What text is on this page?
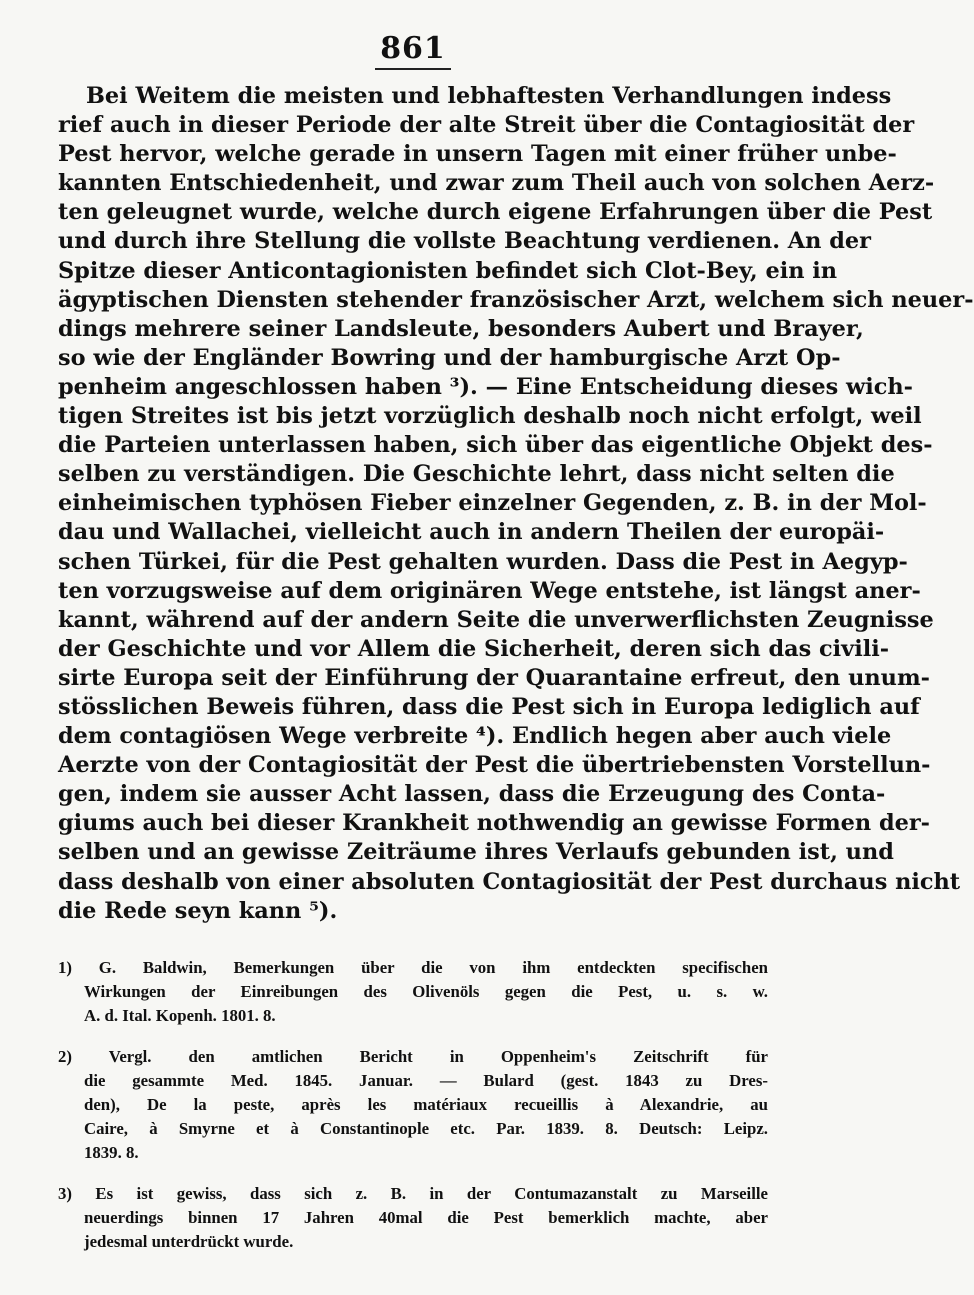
861
Bei Weitem die meisten und lebhaftesten Verhandlungen indess
rief auch in dieser Periode der alte Streit über die Contagiosität der
Pest hervor, welche gerade in unsern Tagen mit einer früher unbe-
kannten Entschiedenheit, und zwar zum Theil auch von solchen Aerz-
ten geleugnet wurde, welche durch eigene Erfahrungen über die Pest
und durch ihre Stellung die vollste Beachtung verdienen. An der
Spitze dieser Anticontagionisten befindet sich Clot-Bey, ein in
ägyptischen Diensten stehender französischer Arzt, welchem sich neuer-
dings mehrere seiner Landsleute, besonders Aubert und Brayer,
so wie der Engländer Bowring und der hamburgische Arzt Op-
penheim angeschlossen haben ³). — Eine Entscheidung dieses wich-
tigen Streites ist bis jetzt vorzüglich deshalb noch nicht erfolgt, weil
die Parteien unterlassen haben, sich über das eigentliche Objekt des-
selben zu verständigen. Die Geschichte lehrt, dass nicht selten die
einheimischen typhösen Fieber einzelner Gegenden, z. B. in der Mol-
dau und Wallachei, vielleicht auch in andern Theilen der europäi-
schen Türkei, für die Pest gehalten wurden. Dass die Pest in Aegyp-
ten vorzugsweise auf dem originären Wege entstehe, ist längst aner-
kannt, während auf der andern Seite die unverwerflichsten Zeugnisse
der Geschichte und vor Allem die Sicherheit, deren sich das civili-
sirte Europa seit der Einführung der Quarantaine erfreut, den unum-
stösslichen Beweis führen, dass die Pest sich in Europa lediglich auf
dem contagiösen Wege verbreite ⁴). Endlich hegen aber auch viele
Aerzte von der Contagiosität der Pest die übertriebensten Vorstellun-
gen, indem sie ausser Acht lassen, dass die Erzeugung des Conta-
giums auch bei dieser Krankheit nothwendig an gewisse Formen der-
selben und an gewisse Zeiträume ihres Verlaufs gebunden ist, und
dass deshalb von einer absoluten Contagiosität der Pest durchaus nicht
die Rede seyn kann ⁵).
1) G. Baldwin, Bemerkungen über die von ihm entdeckten specifischen
Wirkungen der Einreibungen des Olivenöls gegen die Pest, u. s. w.
A. d. Ital. Kopenh. 1801. 8.
2) Vergl. den amtlichen Bericht in Oppenheim's Zeitschrift für
die gesammte Med. 1845. Januar. — Bulard (gest. 1843 zu Dres-
den), De la peste, après les matériaux recueillis à Alexandrie, au
Caire, à Smyrne et à Constantinople etc. Par. 1839. 8. Deutsch: Leipz.
1839. 8.
3) Es ist gewiss, dass sich z. B. in der Contumazanstalt zu Marseille
neuerdings binnen 17 Jahren 40mal die Pest bemerklich machte, aber
jedesmal unterdrückt wurde.
